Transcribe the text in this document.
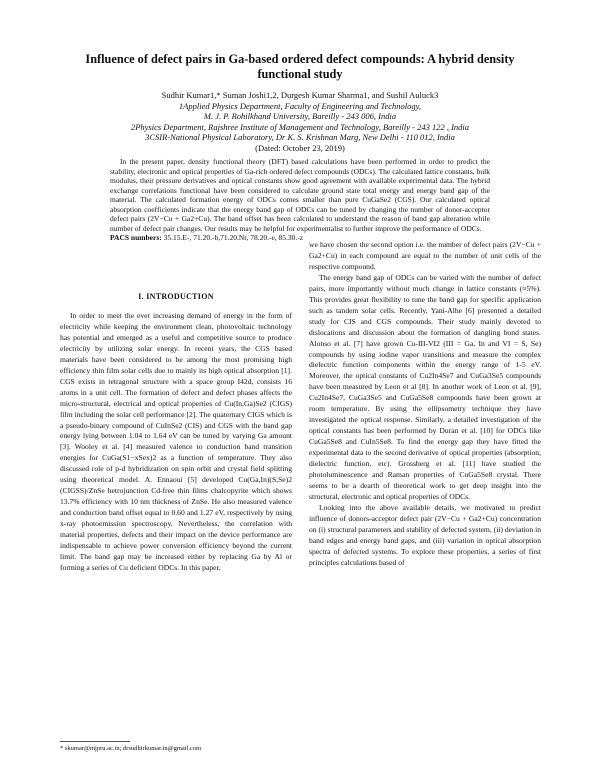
Influence of defect pairs in Ga-based ordered defect compounds: A hybrid density functional study
Sudhir Kumar1,* Suman Joshi1,2, Durgesh Kumar Sharma1, and Sushil Auluck3
1Applied Physics Department, Faculty of Engineering and Technology,
M. J. P. Rohilkhand University, Bareilly - 243 006, India
2Physics Department, Rajshree Institute of Management and Technology, Bareilly - 243 122 , India
3CSIR-National Physical Laboratory, Dr K. S. Krishnan Marg, New Delhi - 110 012, India
(Dated: October 23, 2019)

In the present paper, density functional theory (DFT) based calculations have been performed in order to predict the stability, electronic and optical properties of Ga-rich ordered defect compounds (ODCs). The calculated lattice constants, bulk modulus, their pressure derivatives and optical constants show good agreement with available experimental data. The hybrid exchange correlations functional have been considered to calculate ground state total energy and energy band gap of the material. The calculated formation energy of ODCs comes smaller than pure CuGaSe2 (CGS). Our calculated optical absorption coefficients indicate that the energy band gap of ODCs can be tuned by changing the number of donor-acceptor defect pairs (2V−Cu + Ga2+Cu). The band offset has been calculated to understand the reason of band gap alteration while number of defect pair changes. Our results may be helpful for experimentalist to further improve the performance of ODCs.

PACS numbers: 35.15.E-, 71.20.-b,71.20.Nr, 78.20.-e, 85.30.-z
I. INTRODUCTION

In order to meet the ever increasing demand of energy in the form of electricity while keeping the environment clean, photovoltaic technology has potential and emerged as a useful and competitive source to produce electricity by utilizing solar energy. In recent years, the CGS based materials have been considered to be among the most promising high efficiency thin film solar cells due to mainly its high optical absorption [1]. CGS exists in tetragonal structure with a space group I42d, consists 16 atoms in a unit cell. The formation of defect and defect phases affects the micro-structural, electrical and optical properties of Cu(In,Ga)Se2 (CIGS) film including the solar cell performance [2]. The quaternary CIGS which is a pseudo-binary compound of CuInSe2 (CIS) and CGS with the band gap energy lying between 1.04 to 1.64 eV can be tuned by varying Ga amount [3]. Wooley et al. [4] measured valence to conduction band transition energies for CuGa(S1−xSex)2 as a function of temperature. They also discussed role of p-d hybridization on spin orbit and crystal field splitting using theoretical model. A. Ennaoui [5] developed Cu(Ga,In)(S,Se)2 (CIGSS)/ZnSe hetrojunction Cd-free thin films chalcopyrite which shows 13.7% efficiency with 10 nm thickness of ZnSe. He also measured valence and conduction band offset equal to 0.60 and 1.27 eV, respectively by using x-ray photoemission spectroscopy. Nevertheless, the correlation with material properties, defects and their impact on the device performance are indispensable to achieve power conversion efficiency beyond the current limit. The band gap may be increased either by replacing Ga by Al or forming a series of Cu deficient ODCs. In this paper,

we have chosen the second option i.e. the number of defect pairs (2V−Cu + Ga2+Cu) in each compound are equal to the number of unit cells of the respective compound.

The energy band gap of ODCs can be varied with the number of defect pairs, more importantly without much change in lattice constants (≈5%). This provides great flexibility to tune the band gap for specific application such as tandem solar cells. Recently, Yani-Alhe [6] presented a detailed study for CIS and CGS compounds. Their study mainly devoted to dislocations and discussion about the formation of dangling bond states. Alonso et al. [7] have grown Cu-III-VI2 (III = Ga, In and VI = S, Se) compounds by using iodine vapor transitions and measure the complex dielectric function components within the energy range of 1-5 eV. Moreover, the optical constants of Cu2In4Se7 and CuGa3Se5 compounds have been measured by Leon et al [8]. In another work of Leon et al. [9], Cu2In4Se7, CuGa3Se5 and CuGa5Se8 compounds have been grown at room temperature. By using the ellipsometry technique they have investigated the optical response. Similarly, a detailed investigation of the optical constants has been performed by Duran et al. [10] for ODCs like CuGa5Se8 and CuIn5Se8. To find the energy gap they have fitted the experimental data to the second derivative of optical properties (absorption, dielectric function, etc). Grossberg et al. [11] have studied the photoluminescence and Raman properties of CuGa5Se8 crystal. There seems to be a dearth of theoretical work to get deep insight into the structural, electronic and optical properties of ODCs.

Looking into the above available details, we motivated to predict influence of donors-acceptor defect pair (2V−Cu + Ga2+Cu) concentration on (i) structural parameters and stability of defected system, (ii) deviation in band edges and energy band gaps, and (iii) variation in optical absorption spectra of defected systems. To explore these properties, a series of first principles calculations based of

* skumar@mjpru.ac.in; drsudhirkumar.in@gmail.com
